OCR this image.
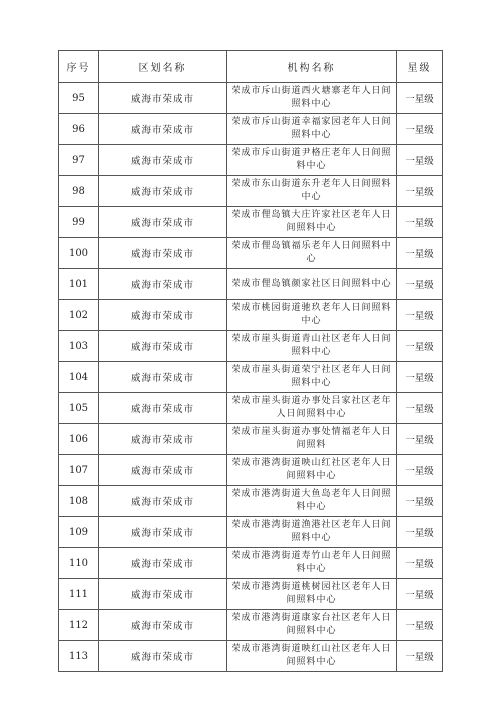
序号	区划名称	机构名称	星级
95	威海市荣成市	荣成市斥山街道西火塘寨老年人日间照料中心	一星级
96	威海市荣成市	荣成市斥山街道幸福家园老年人日间照料中心	一星级
97	威海市荣成市	荣成市斥山街道尹格庄老年人日间照料中心	一星级
98	威海市荣成市	荣成市东山街道东升老年人日间照料中心	一星级
99	威海市荣成市	荣成市俚岛镇大庄许家社区老年人日间照料中心	一星级
100	威海市荣成市	荣成市俚岛镇福乐老年人日间照料中心	一星级
101	威海市荣成市	荣成市俚岛镇颜家社区日间照料中心	一星级
102	威海市荣成市	荣成市桃园街道驰玖老年人日间照料中心	一星级
103	威海市荣成市	荣成市崖头街道青山社区老年人日间照料中心	一星级
104	威海市荣成市	荣成市崖头街道荣宁社区老年人日间照料中心	一星级
105	威海市荣成市	荣成市崖头街道办事处吕家社区老年人日间照料中心	一星级
106	威海市荣成市	荣成市崖头街道办事处情福老年人日间照料	一星级
107	威海市荣成市	荣成市港湾街道映山红社区老年人日间照料中心	一星级
108	威海市荣成市	荣成市港湾街道大鱼岛老年人日间照料中心	一星级
109	威海市荣成市	荣成市港湾街道渔港社区老年人日间照料中心	一星级
110	威海市荣成市	荣成市港湾街道寿竹山老年人日间照料中心	一星级
111	威海市荣成市	荣成市港湾街道桃树园社区老年人日间照料中心	一星级
112	威海市荣成市	荣成市港湾街道康家台社区老年人日间照料中心	一星级
113	威海市荣成市	荣成市港湾街道映红山社区老年人日间照料中心	一星级
